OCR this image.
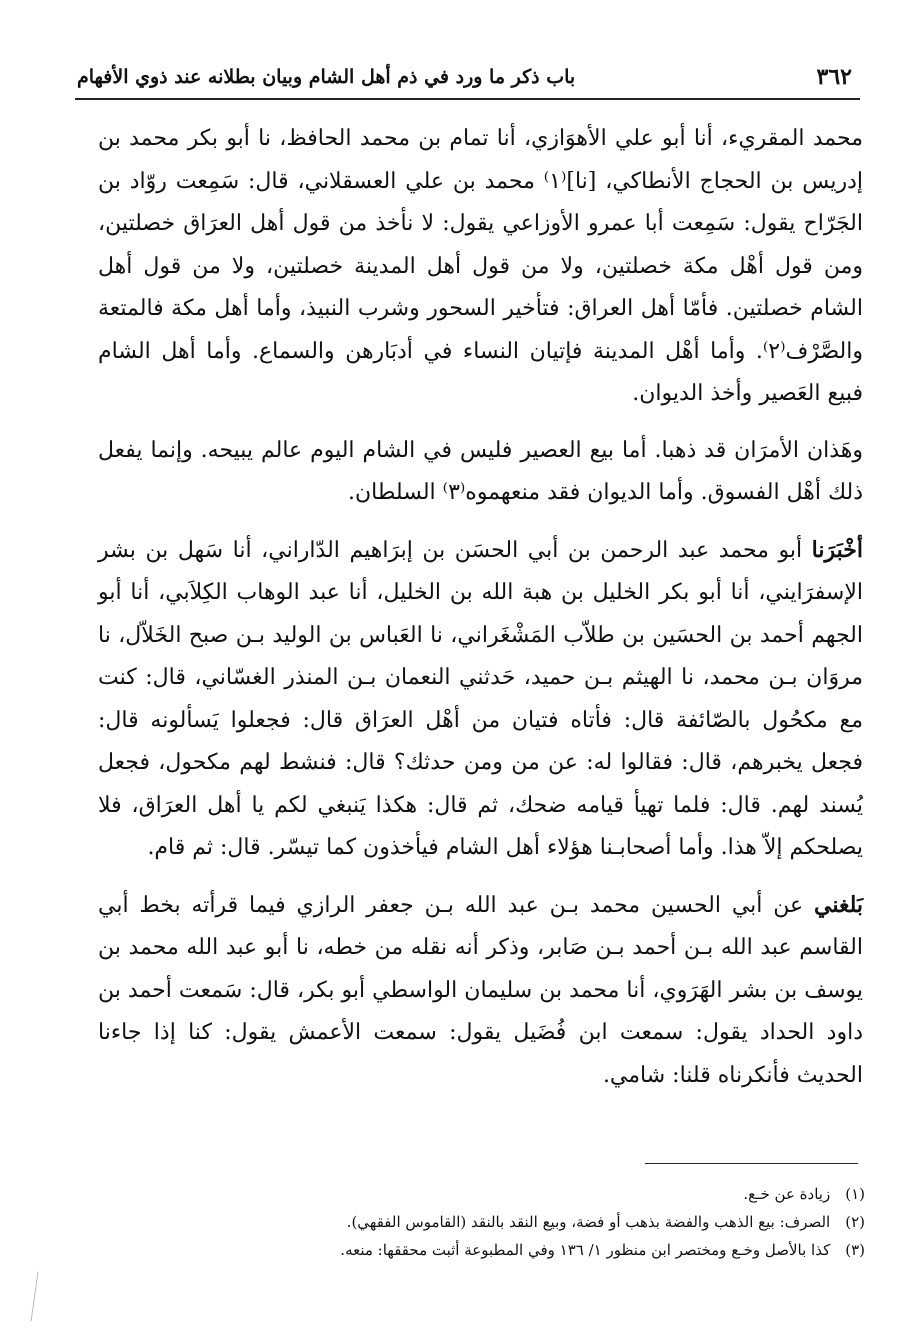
٣٦٢
باب ذكر ما ورد في ذم أهل الشام وبيان بطلانه عند ذوي الأفهام

محمد المقريء، أنا أبو علي الأهوَازي، أنا تمام بن محمد الحافظ، نا أبو بكر محمد بن إدريس بن الحجاج الأنطاكي، [نا]⁽١⁾ محمد بن علي العسقلاني، قال: سَمِعت روّاد بن الجَرّاح يقول: سَمِعت أبا عمرو الأوزاعي يقول: لا نأخذ من قول أهل العرَاق خصلتين، ومن قول أهْل مكة خصلتين، ولا من قول أهل المدينة خصلتين، ولا من قول أهل الشام خصلتين. فأمّا أهل العراق: فتأخير السحور وشرب النبيذ، وأما أهل مكة فالمتعة والصَّرْف⁽٢⁾. وأما أهْل المدينة فإتيان النساء في أدبَارهن والسماع. وأما أهل الشام فبيع العَصير وأخذ الديوان.

وهَذان الأمرَان قد ذهبا. أما بيع العصير فليس في الشام اليوم عالم يبيحه. وإنما يفعل ذلك أهْل الفسوق. وأما الديوان فقد منعهموه⁽٣⁾ السلطان.

أخْبَرَنا أبو محمد عبد الرحمن بن أبي الحسَن بن إبرَاهيم الدّاراني، أنا سَهل بن بشر الإسفرَايني، أنا أبو بكر الخليل بن هبة الله بن الخليل، أنا عبد الوهاب الكِلاَبي، أنا أبو الجهم أحمد بن الحسَين بن طلاّب المَشْغَراني، نا العَباس بن الوليد بـن صبح الخَلاّل، نا مروَان بـن محمد، نا الهيثم بـن حميد، حَدثني النعمان بـن المنذر الغسّاني، قال: كنت مع مكحُول بالصّائفة قال: فأتاه فتيان من أهْل العرَاق قال: فجعلوا يَسألونه قال: فجعل يخبرهم، قال: فقالوا له: عن من ومن حدثك؟ قال: فنشط لهم مكحول، فجعل يُسند لهم. قال: فلما تهيأ قيامه ضحك، ثم قال: هكذا يَنبغي لكم يا أهل العرَاق، فلا يصلحكم إلاّ هذا. وأما أصحابـنا هؤلاء أهل الشام فيأخذون كما تيسّر. قال: ثم قام.

بَلغني عن أبي الحسين محمد بـن عبد الله بـن جعفر الرازي فيما قرأته بخط أبي القاسم عبد الله بـن أحمد بـن صَابر، وذكر أنه نقله من خطه، نا أبو عبد الله محمد بن يوسف بن بشر الهَرَوي، أنا محمد بن سليمان الواسطي أبو بكر، قال: سَمعت أحمد بن داود الحداد يقول: سمعت ابن فُضَيل يقول: سمعت الأعمش يقول: كنا إذا جاءنا الحديث فأنكرناه قلنا: شامي.

(١) زيادة عن خـع.
(٢) الصرف: بيع الذهب والفضة بذهب أو فضة، وبيع النقد بالنقد (القاموس الفقهي).
(٣) كذا بالأصل وخـع ومختصر ابن منظور ١/ ١٣٦ وفي المطبوعة أثبت محققها: منعه.
